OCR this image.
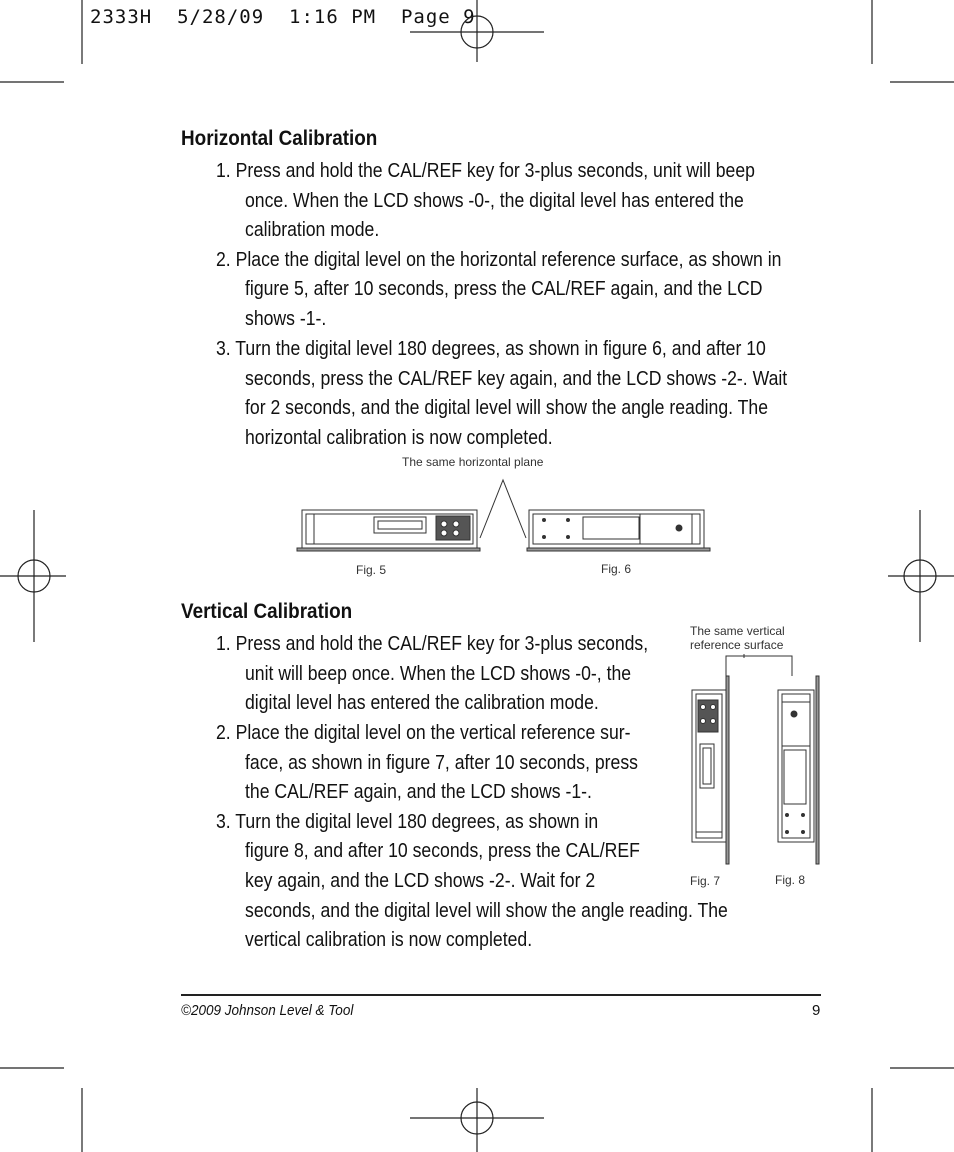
2333H  5/28/09  1:16 PM  Page 9
Horizontal Calibration
1. Press and hold the CAL/REF key for 3-plus seconds, unit will beep
once. When the LCD shows -0-, the digital level has entered the
calibration mode.
2. Place the digital level on the horizontal reference surface, as shown in
figure 5, after 10 seconds, press the CAL/REF again, and the LCD
shows -1-.
3. Turn the digital level 180 degrees, as shown in figure 6, and after 10
seconds, press the CAL/REF key again, and the LCD shows -2-. Wait
for 2 seconds, and the digital level will show the angle reading. The
horizontal calibration is now completed.
The same horizontal plane
Fig. 5	Fig. 6
Vertical Calibration
1. Press and hold the CAL/REF key for 3-plus seconds,
unit will beep once. When the LCD shows -0-, the
digital level has entered the calibration mode.
2. Place the digital level on the vertical reference sur-
face, as shown in figure 7, after 10 seconds, press
the CAL/REF again, and the LCD shows -1-.
3. Turn the digital level 180 degrees, as shown in
figure 8, and after 10 seconds, press the CAL/REF
key again, and the LCD shows -2-. Wait for 2
seconds, and the digital level will show the angle reading. The
vertical calibration is now completed.
The same vertical
reference surface
Fig. 7	Fig. 8
©2009 Johnson Level & Tool	9
